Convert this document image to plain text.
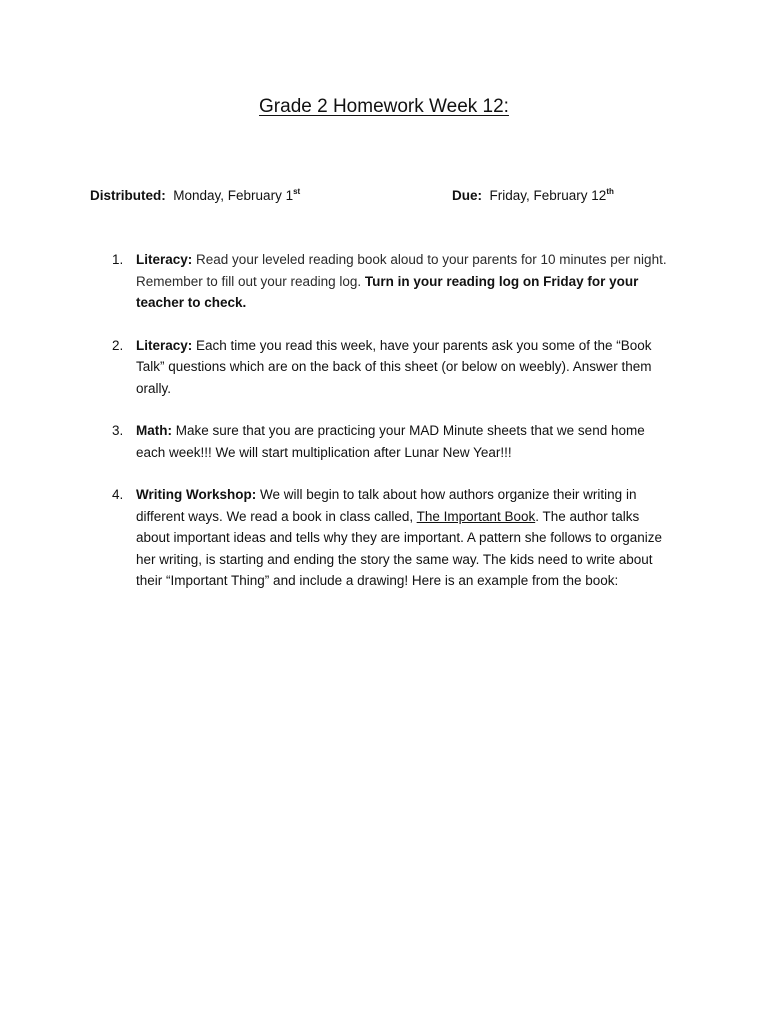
Grade 2 Homework Week 12:
Distributed: Monday, February 1st	Due: Friday, February 12th
1. Literacy: Read your leveled reading book aloud to your parents for 10 minutes per night. Remember to fill out your reading log. Turn in your reading log on Friday for your teacher to check.
2. Literacy: Each time you read this week, have your parents ask you some of the “Book Talk” questions which are on the back of this sheet (or below on weebly). Answer them orally.
3. Math: Make sure that you are practicing your MAD Minute sheets that we send home each week!!! We will start multiplication after Lunar New Year!!!
4. Writing Workshop: We will begin to talk about how authors organize their writing in different ways. We read a book in class called, The Important Book. The author talks about important ideas and tells why they are important. A pattern she follows to organize her writing, is starting and ending the story the same way. The kids need to write about their “Important Thing” and include a drawing! Here is an example from the book:
